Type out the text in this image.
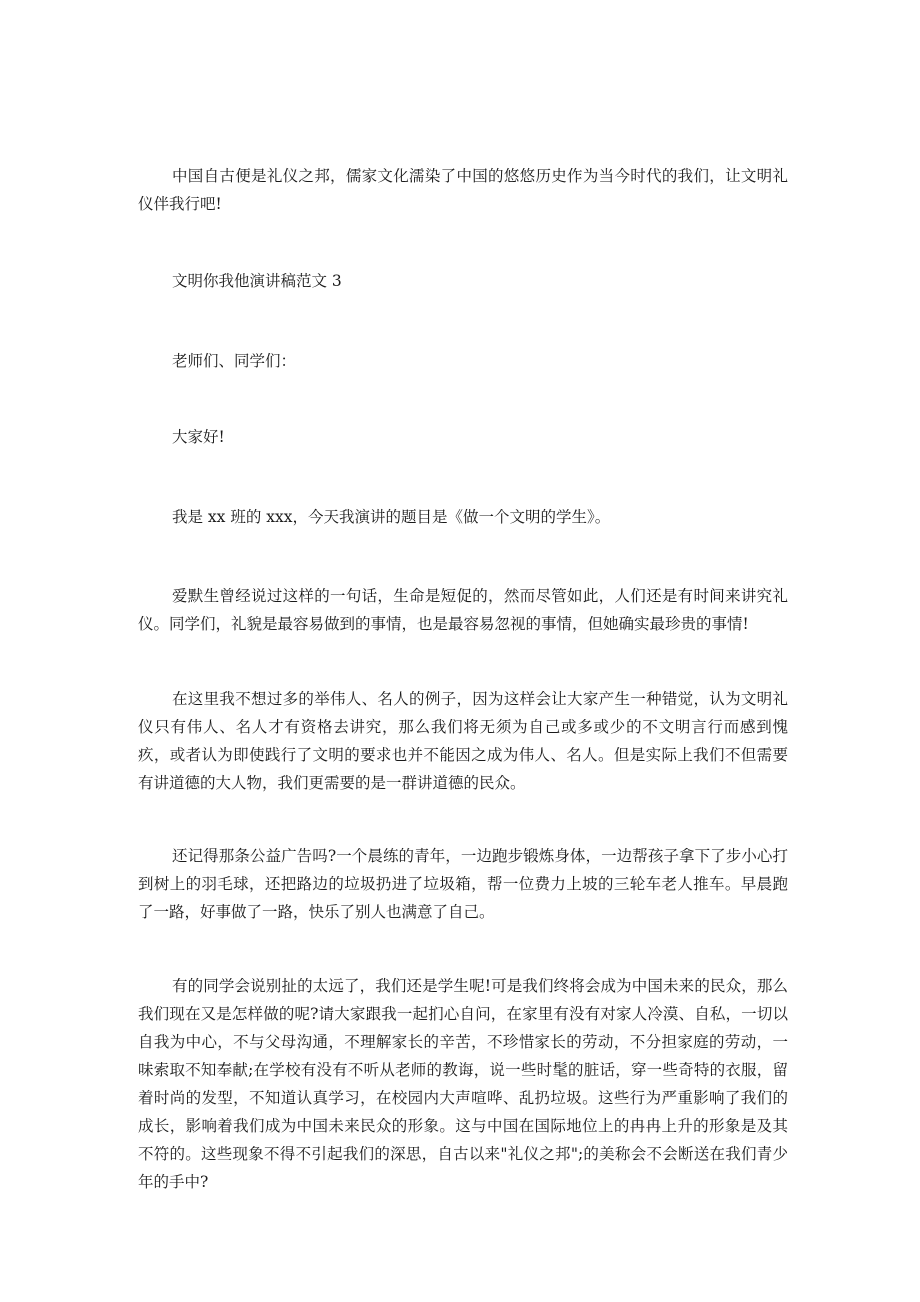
中国自古便是礼仪之邦，儒家文化濡染了中国的悠悠历史作为当今时代的我们，让文明礼仪伴我行吧!

文明你我他演讲稿范文 3

老师们、同学们：

大家好!

我是 xx 班的 xxx，今天我演讲的题目是《做一个文明的学生》。

爱默生曾经说过这样的一句话，生命是短促的，然而尽管如此，人们还是有时间来讲究礼仪。同学们，礼貌是最容易做到的事情，也是最容易忽视的事情，但她确实最珍贵的事情!

在这里我不想过多的举伟人、名人的例子，因为这样会让大家产生一种错觉，认为文明礼仪只有伟人、名人才有资格去讲究，那么我们将无须为自己或多或少的不文明言行而感到愧疚，或者认为即使践行了文明的要求也并不能因之成为伟人、名人。但是实际上我们不但需要有讲道德的大人物，我们更需要的是一群讲道德的民众。

还记得那条公益广告吗?一个晨练的青年，一边跑步锻炼身体，一边帮孩子拿下了步小心打到树上的羽毛球，还把路边的垃圾扔进了垃圾箱，帮一位费力上坡的三轮车老人推车。早晨跑了一路，好事做了一路，快乐了别人也满意了自己。

有的同学会说别扯的太远了，我们还是学生呢!可是我们终将会成为中国未来的民众，那么我们现在又是怎样做的呢?请大家跟我一起扪心自问，在家里有没有对家人冷漠、自私，一切以自我为中心，不与父母沟通，不理解家长的辛苦，不珍惜家长的劳动，不分担家庭的劳动，一味索取不知奉献;在学校有没有不听从老师的教诲，说一些时髦的脏话，穿一些奇特的衣服，留着时尚的发型，不知道认真学习，在校园内大声喧哗、乱扔垃圾。这些行为严重影响了我们的成长，影响着我们成为中国未来民众的形象。这与中国在国际地位上的冉冉上升的形象是及其不符的。这些现象不得不引起我们的深思，自古以来"礼仪之邦";的美称会不会断送在我们青少年的手中?
